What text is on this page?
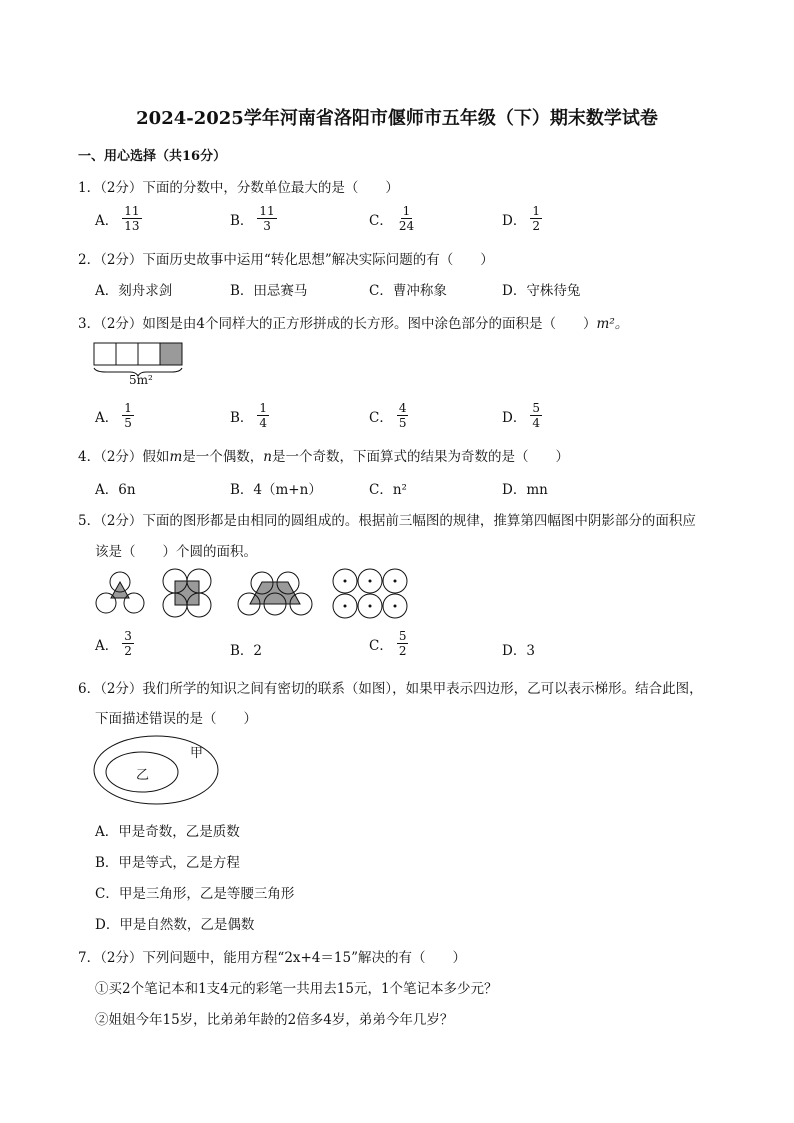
2024-2025学年河南省洛阳市偃师市五年级（下）期末数学试卷
一、用心选择（共16分）
1．（2分）下面的分数中，分数单位最大的是（　　）
A． $\frac{11}{13}$	B． $\frac{11}{3}$	C． $\frac{1}{24}$	D． $\frac{1}{2}$
2．（2分）下面历史故事中运用“转化思想”解决实际问题的有（　　）
A．刻舟求剑	B．田忌赛马	C．曹冲称象	D．守株待兔
3．（2分）如图是由4个同样大的正方形拼成的长方形。图中涂色部分的面积是（　　）m²。
5m²
A． $\frac{1}{5}$	B． $\frac{1}{4}$	C． $\frac{4}{5}$	D． $\frac{5}{4}$
4．（2分）假如m是一个偶数，n是一个奇数，下面算式的结果为奇数的是（　　）
A．6n	B．4（m+n）	C．n²	D．mn
5．（2分）下面的图形都是由相同的圆组成的。根据前三幅图的规律，推算第四幅图中阴影部分的面积应
该是（　　）个圆的面积。
A． $\frac{3}{2}$	B．2	C． $\frac{5}{2}$	D．3
6．（2分）我们所学的知识之间有密切的联系（如图），如果甲表示四边形，乙可以表示梯形。结合此图，
下面描述错误的是（　　）
甲
乙
A．甲是奇数，乙是质数
B．甲是等式，乙是方程
C．甲是三角形，乙是等腰三角形
D．甲是自然数，乙是偶数
7．（2分）下列问题中，能用方程“2x+4＝15”解决的有（　　）
①买2个笔记本和1支4元的彩笔一共用去15元，1个笔记本多少元？
②姐姐今年15岁，比弟弟年龄的2倍多4岁，弟弟今年几岁？
